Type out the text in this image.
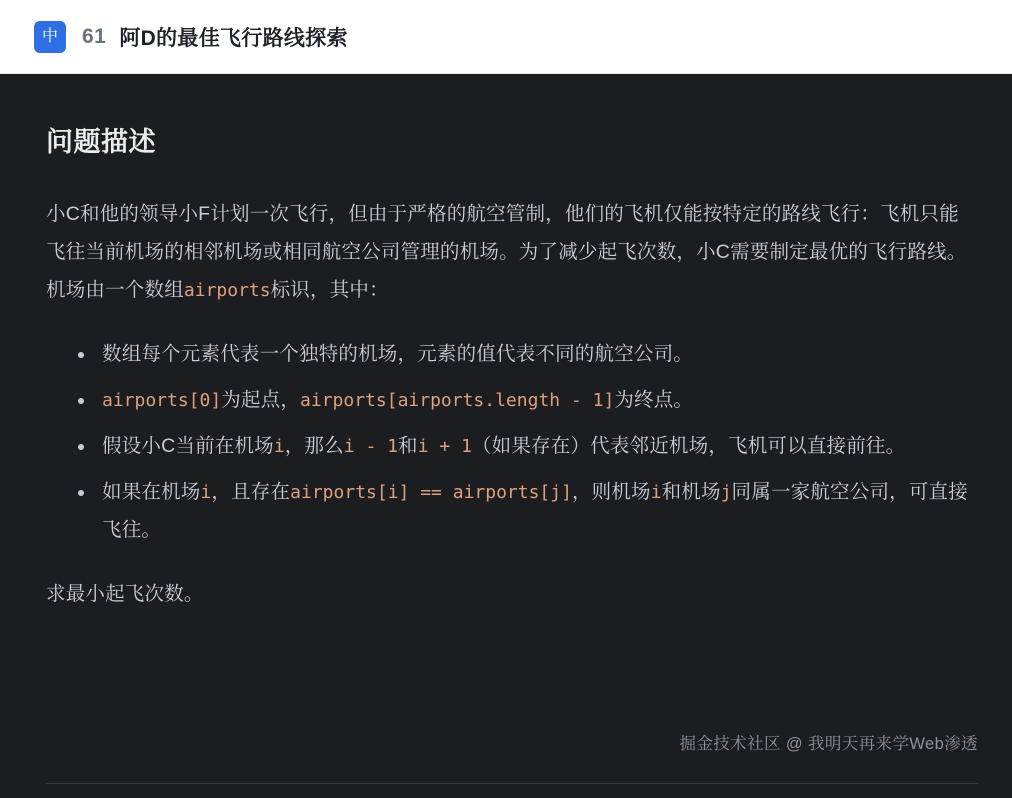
中	61 阿D的最佳飞行路线探索
问题描述

小C和他的领导小F计划一次飞行，但由于严格的航空管制，他们的飞机仅能按特定的路线飞行：飞机只能飞往当前机场的相邻机场或相同航空公司管理的机场。为了减少起飞次数，小C需要制定最优的飞行路线。机场由一个数组airports标识，其中：

数组每个元素代表一个独特的机场，元素的值代表不同的航空公司。
airports[0]为起点，airports[airports.length - 1]为终点。
假设小C当前在机场i，那么i - 1和i + 1（如果存在）代表邻近机场，飞机可以直接前往。
如果在机场i，且存在airports[i] == airports[j]，则机场i和机场j同属一家航空公司，可直接飞往。

求最小起飞次数。

掘金技术社区 @ 我明天再来学Web渗透
